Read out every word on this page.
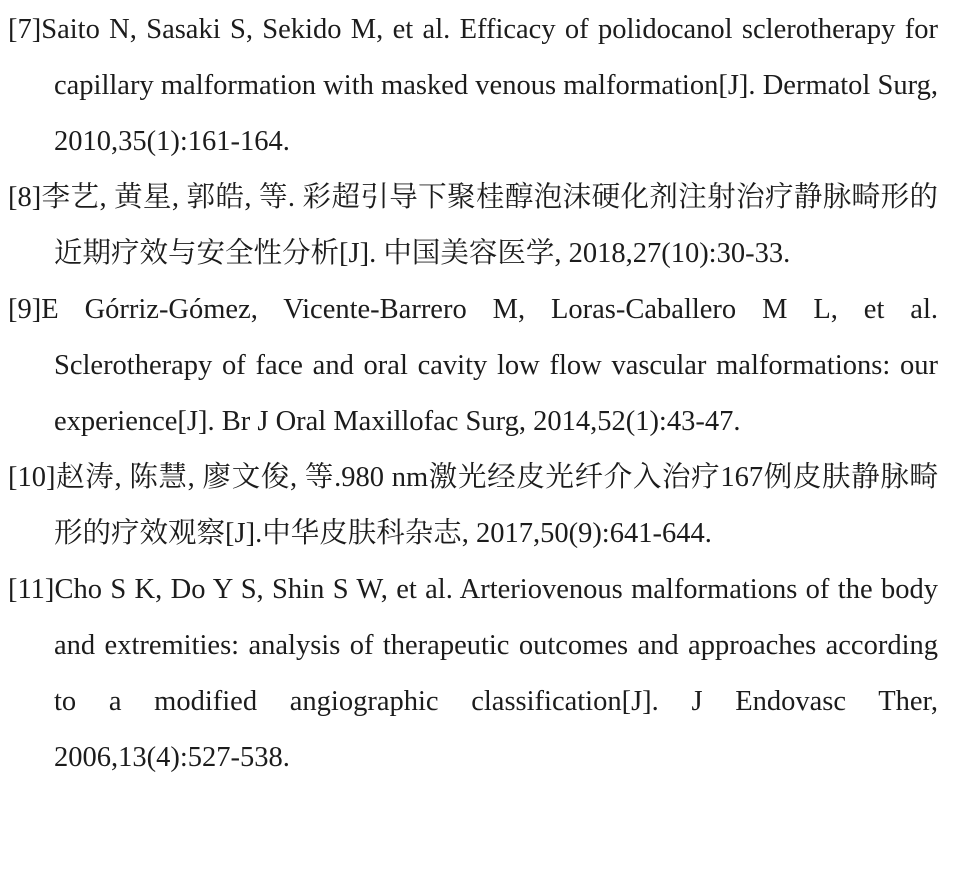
[7]Saito N, Sasaki S, Sekido M, et al. Efficacy of polidocanol sclerotherapy for capillary malformation with masked venous malformation[J]. Dermatol Surg, 2010,35(1):161-164.

[8]李艺, 黄星, 郭皓, 等. 彩超引导下聚桂醇泡沫硬化剂注射治疗静脉畸形的近期疗效与安全性分析[J]. 中国美容医学, 2018,27(10):30-33.

[9]E Górriz-Gómez, Vicente-Barrero M, Loras-Caballero M L, et al. Sclerotherapy of face and oral cavity low flow vascular malformations: our experience[J]. Br J Oral Maxillofac Surg, 2014,52(1):43-47.

[10]赵涛, 陈慧, 廖文俊, 等.980 nm激光经皮光纤介入治疗167例皮肤静脉畸形的疗效观察[J].中华皮肤科杂志, 2017,50(9):641-644.

[11]Cho S K, Do Y S, Shin S W, et al. Arteriovenous malformations of the body and extremities: analysis of therapeutic outcomes and approaches according to a modified angiographic classification[J]. J Endovasc Ther, 2006,13(4):527-538.
